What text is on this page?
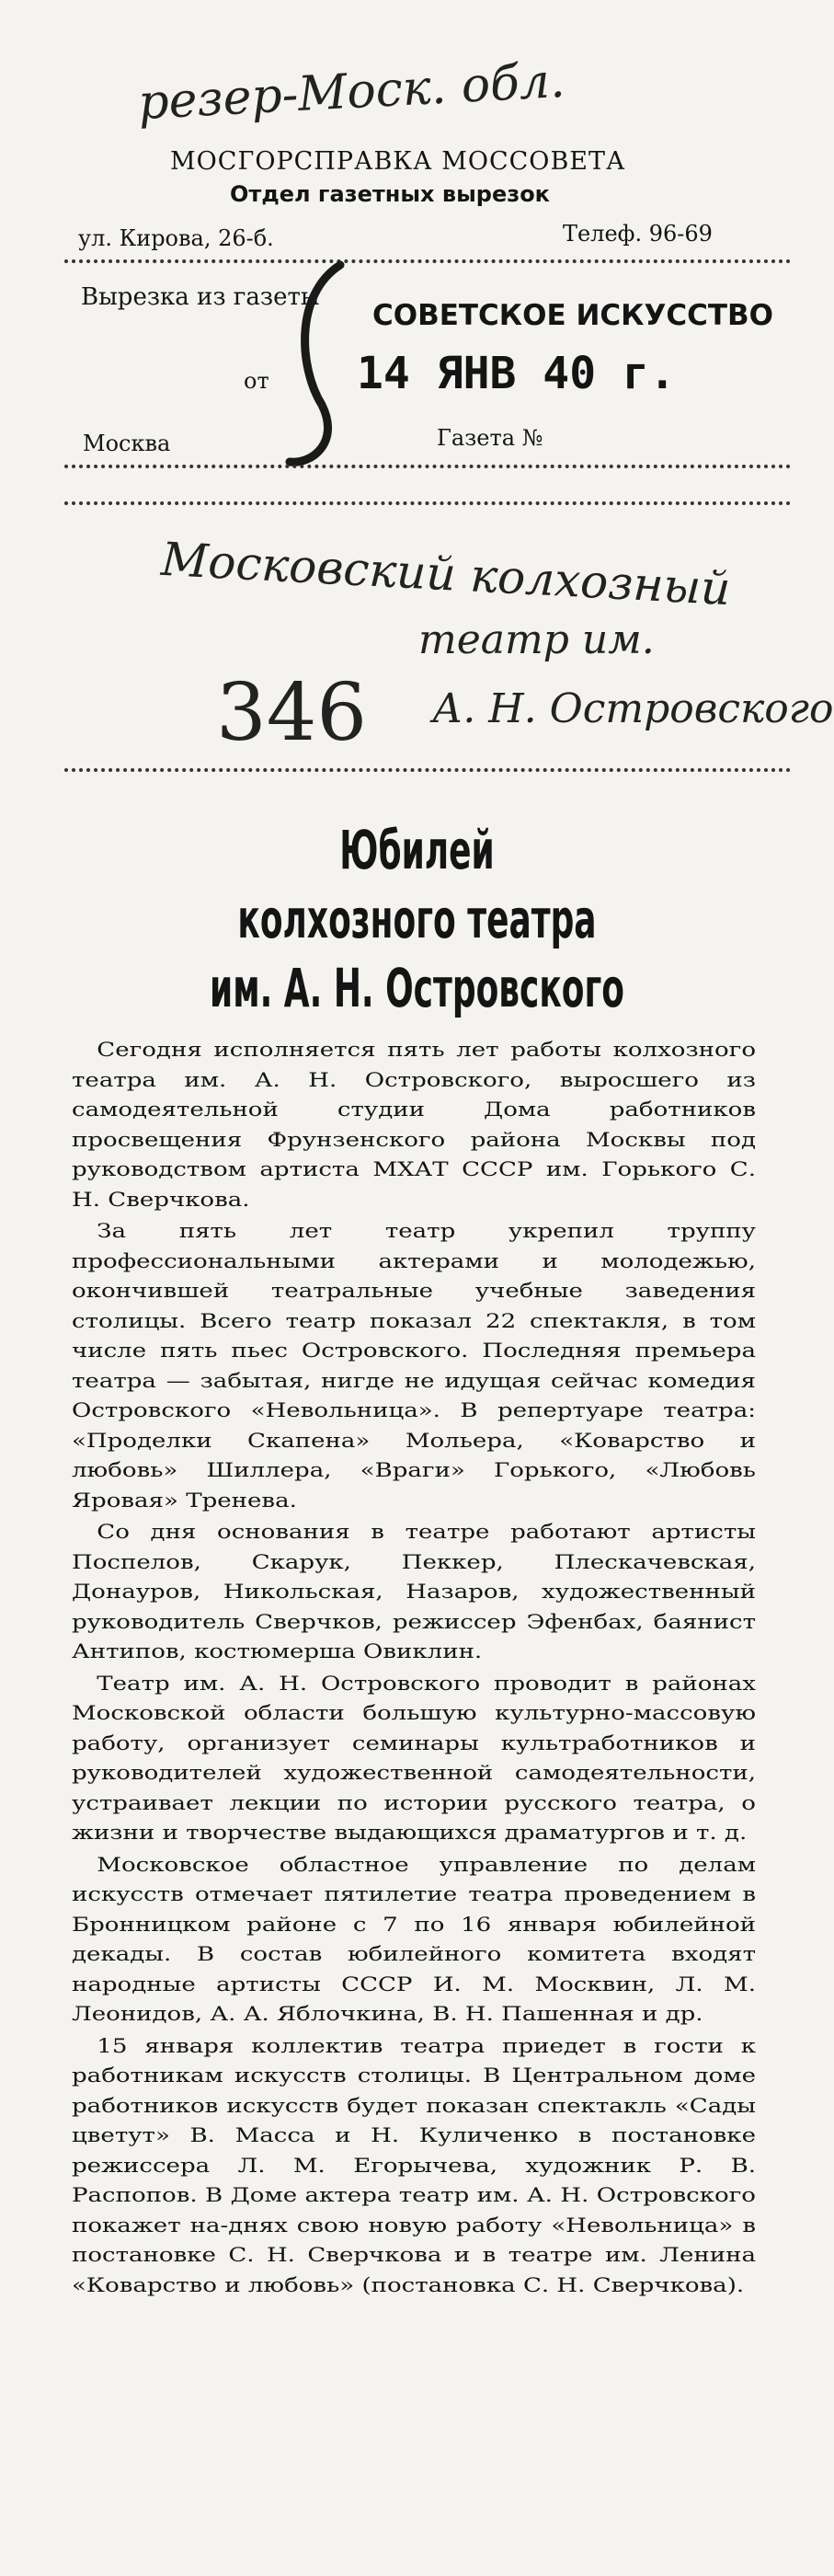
резер-Моск. обл.
МОСГОРСПРАВКА МОССОВЕТА
Отдел газетных вырезок
ул. Кирова, 26-б.	Телеф. 96-69
Вырезка из газеты
СОВЕТСКОЕ ИСКУССТВО
от 14 ЯНВ 40 г.
Москва	Газета №
Московский колхозный
театр им.
346 А. Н. Островского
Юбилей
колхозного театра
им. А. Н. Островского

Сегодня исполняется пять лет работы колхозного театра им. А. Н. Островского, выросшего из самодеятельной студии Дома работников просвещения Фрунзенского района Москвы под руководством артиста МХАТ СССР им. Горького С. Н. Сверчкова.

За пять лет театр укрепил труппу профессиональными актерами и молодежью, окончившей театральные учебные заведения столицы. Всего театр показал 22 спектакля, в том числе пять пьес Островского. Последняя премьера театра — забытая, нигде не идущая сейчас комедия Островского «Невольница». В репертуаре театра: «Проделки Скапена» Мольера, «Коварство и любовь» Шиллера, «Враги» Горького, «Любовь Яровая» Тренева.

Со дня основания в театре работают артисты Поспелов, Скарук, Пеккер, Плескачевская, Донауров, Никольская, Назаров, художественный руководитель Сверчков, режиссер Эфенбах, баянист Антипов, костюмерша Овиклин.

Театр им. А. Н. Островского проводит в районах Московской области большую культурно-массовую работу, организует семинары культработников и руководителей художественной самодеятельности, устраивает лекции по истории русского театра, о жизни и творчестве выдающихся драматургов и т. д.

Московское областное управление по делам искусств отмечает пятилетие театра проведением в Бронницком районе с 7 по 16 января юбилейной декады. В состав юбилейного комитета входят народные артисты СССР И. М. Москвин, Л. М. Леонидов, А. А. Яблочкина, В. Н. Пашенная и др.

15 января коллектив театра приедет в гости к работникам искусств столицы. В Центральном доме работников искусств будет показан спектакль «Сады цветут» В. Масса и Н. Куличенко в постановке режиссера Л. М. Егорычева, художник Р. В. Распопов. В Доме актера театр им. А. Н. Островского покажет на-днях свою новую работу «Невольница» в постановке С. Н. Сверчкова и в театре им. Ленина «Коварство и любовь» (постановка С. Н. Сверчкова).
